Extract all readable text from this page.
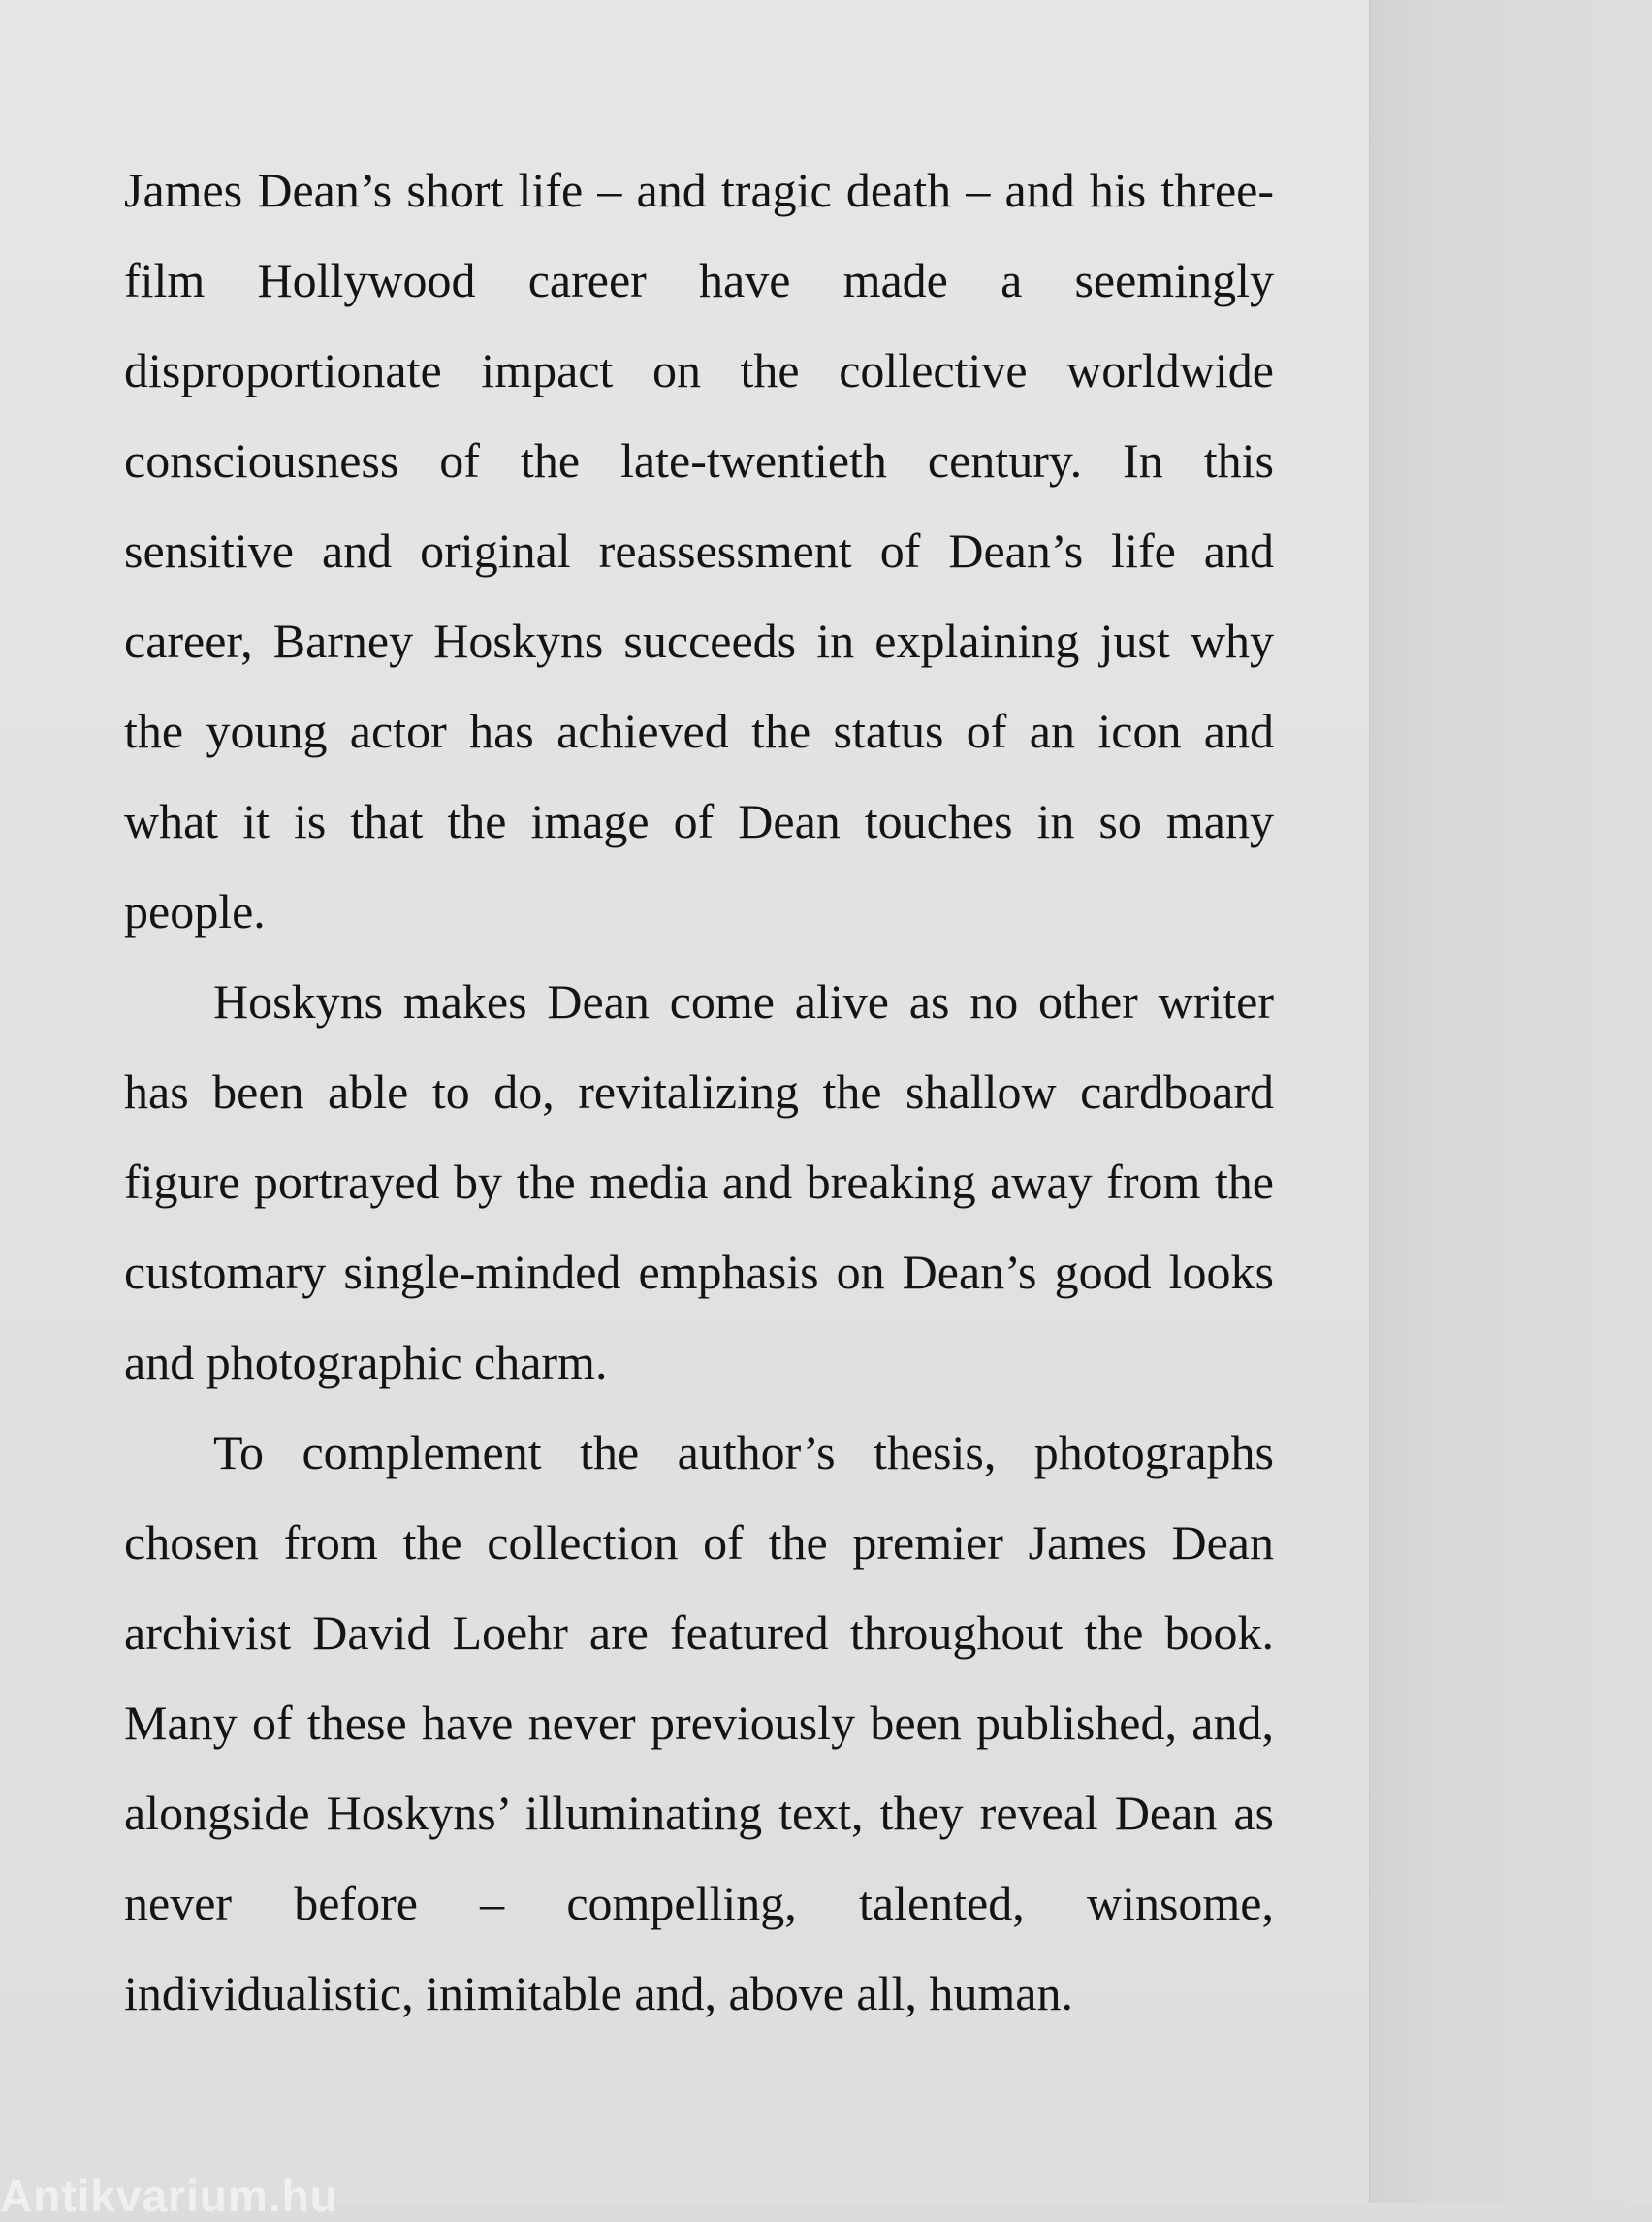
James Dean’s short life – and tragic death – and his three-film Hollywood career have made a seemingly disproportionate impact on the collective worldwide consciousness of the late-twentieth century. In this sensitive and original reassessment of Dean’s life and career, Barney Hoskyns succeeds in explaining just why the young actor has achieved the status of an icon and what it is that the image of Dean touches in so many people.

Hoskyns makes Dean come alive as no other writer has been able to do, revitalizing the shallow cardboard figure portrayed by the media and breaking away from the customary single-minded emphasis on Dean’s good looks and photographic charm.

To complement the author’s thesis, photographs chosen from the collection of the premier James Dean archivist David Loehr are featured throughout the book. Many of these have never previously been published, and, alongside Hoskyns’ illuminating text, they reveal Dean as never before – compelling, talented, winsome, individualistic, inimitable and, above all, human.

Antikvarium.hu
